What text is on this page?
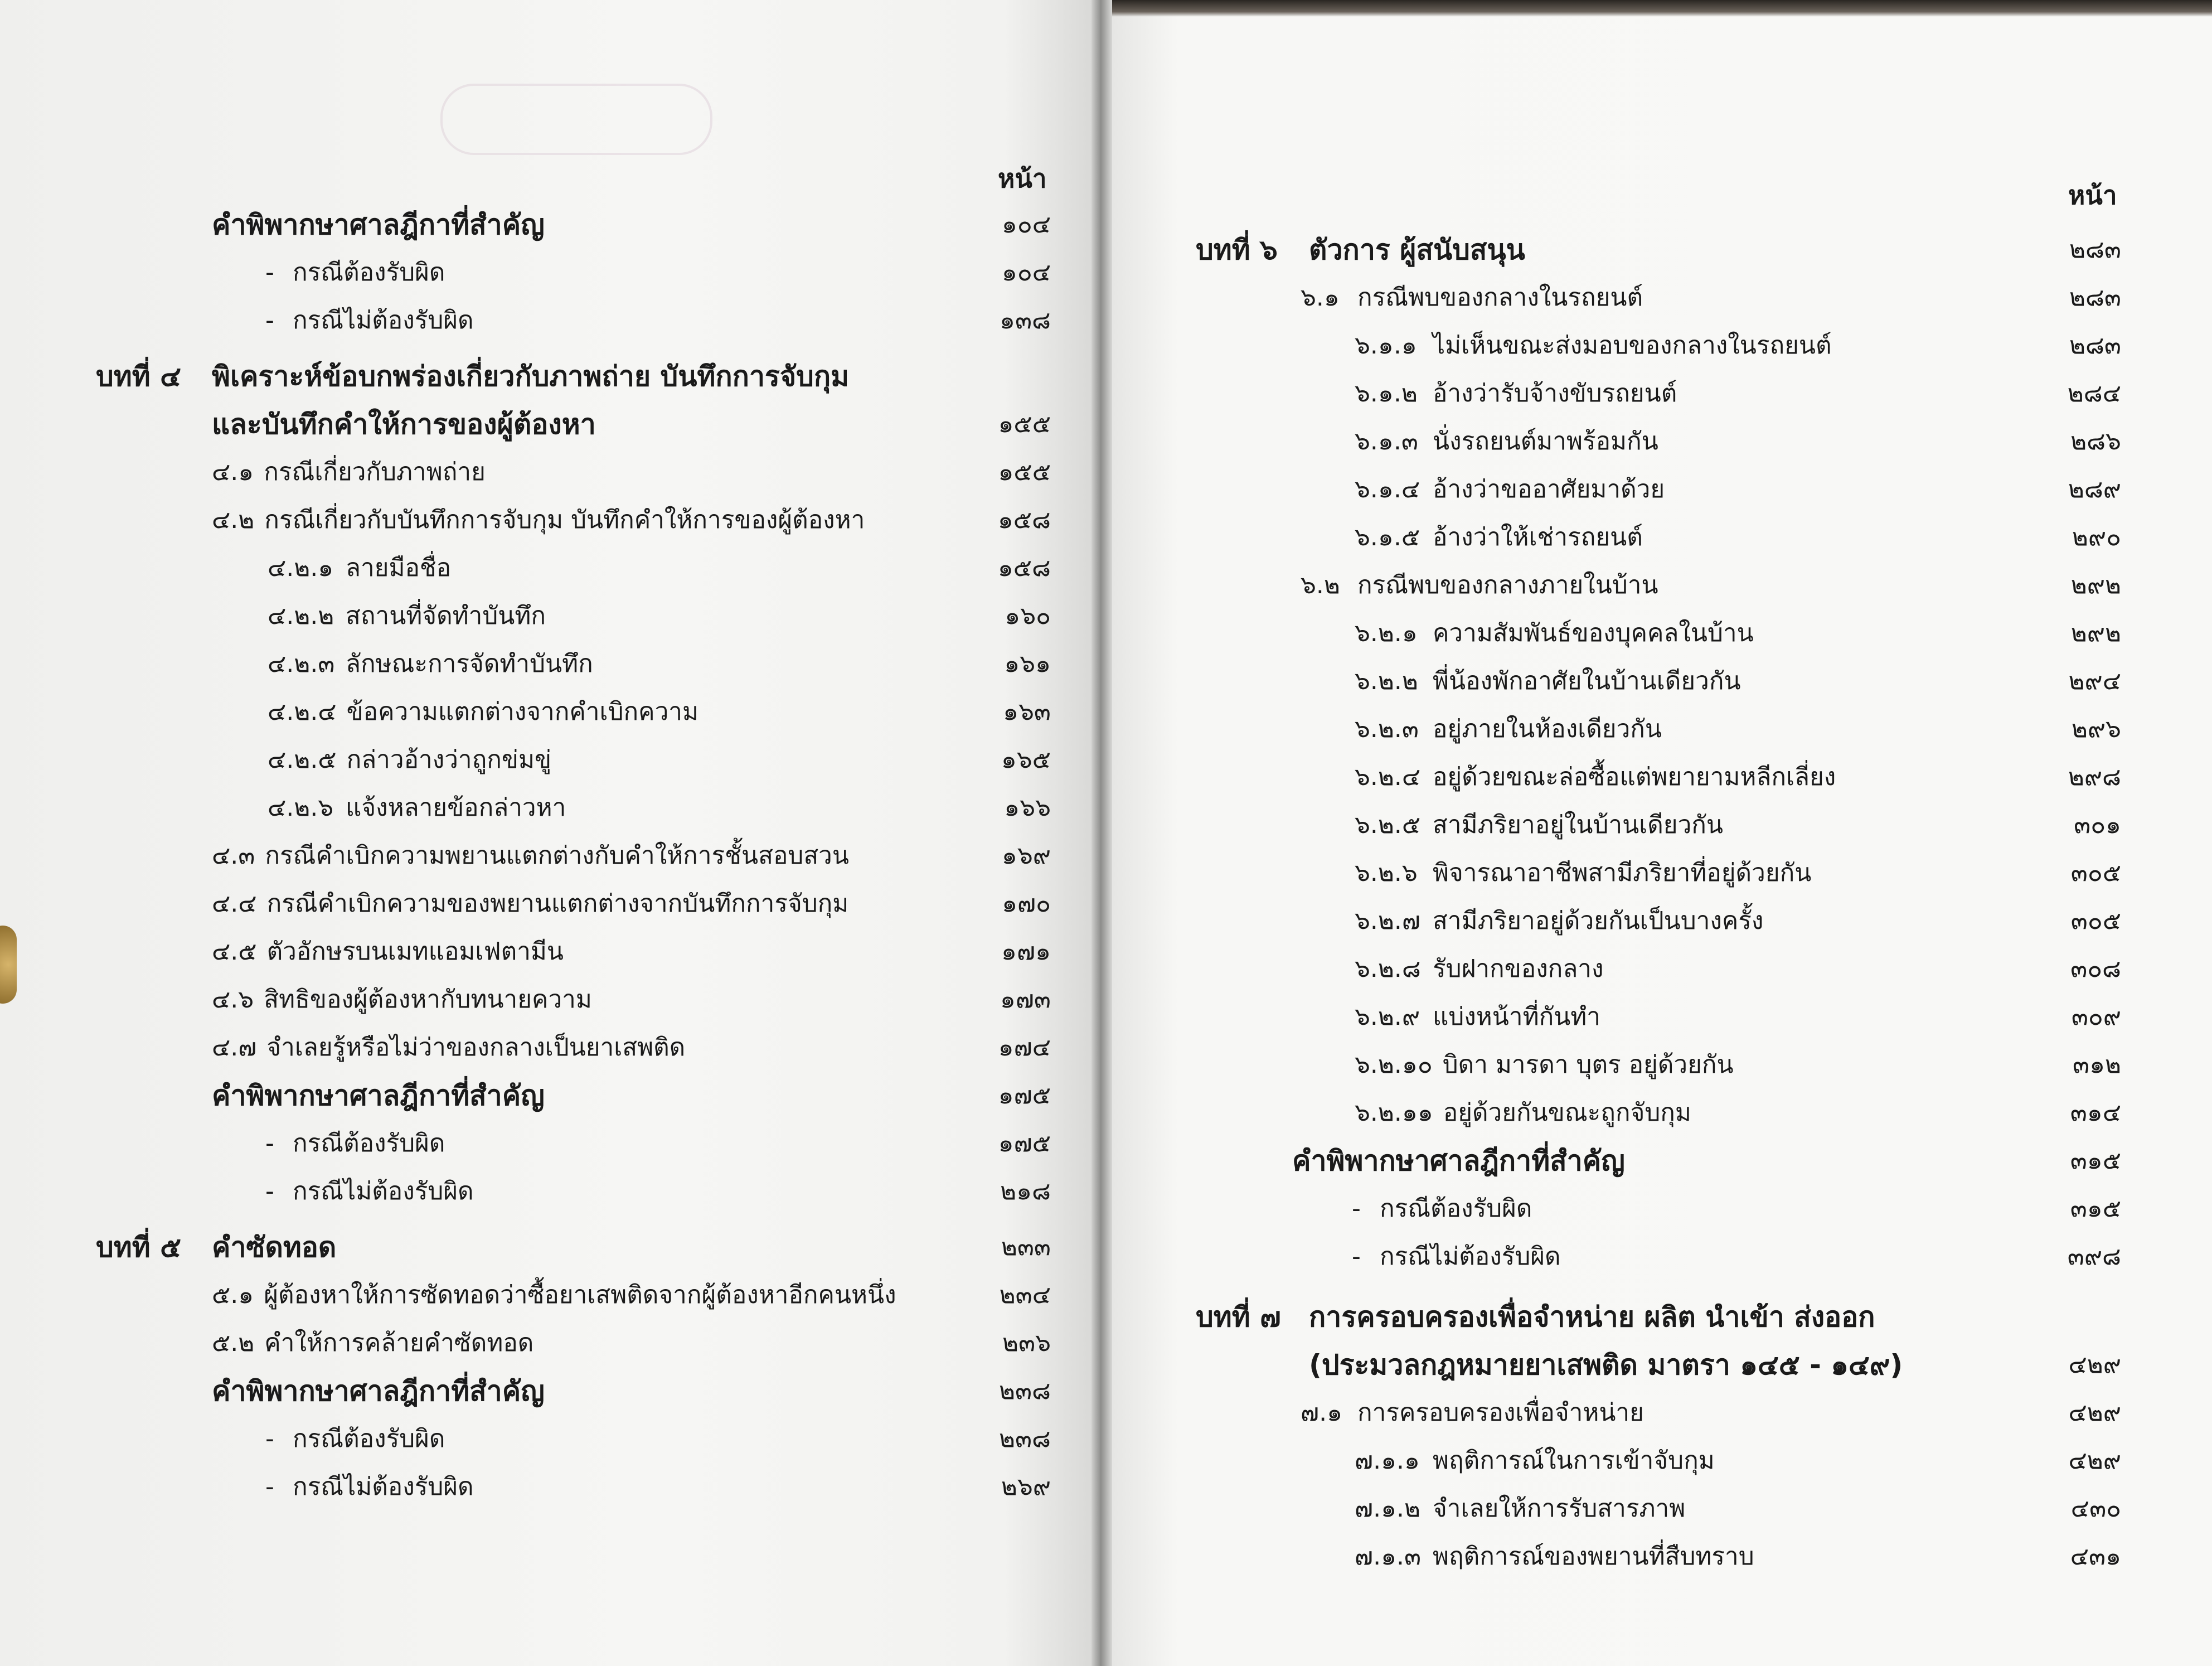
หน้า
คำพิพากษาศาลฎีกาที่สำคัญ	๑๐๔
- กรณีต้องรับผิด	๑๐๔
- กรณีไม่ต้องรับผิด	๑๓๘
บทที่ ๔	พิเคราะห์ข้อบกพร่องเกี่ยวกับภาพถ่าย บันทึกการจับกุม
และบันทึกคำให้การของผู้ต้องหา	๑๕๕
๔.๑ กรณีเกี่ยวกับภาพถ่าย	๑๕๕
๔.๒ กรณีเกี่ยวกับบันทึกการจับกุม บันทึกคำให้การของผู้ต้องหา	๑๕๘
๔.๒.๑ ลายมือชื่อ	๑๕๘
๔.๒.๒ สถานที่จัดทำบันทึก	๑๖๐
๔.๒.๓ ลักษณะการจัดทำบันทึก	๑๖๑
๔.๒.๔ ข้อความแตกต่างจากคำเบิกความ	๑๖๓
๔.๒.๕ กล่าวอ้างว่าถูกข่มขู่	๑๖๕
๔.๒.๖ แจ้งหลายข้อกล่าวหา	๑๖๖
๔.๓ กรณีคำเบิกความพยานแตกต่างกับคำให้การชั้นสอบสวน	๑๖๙
๔.๔ กรณีคำเบิกความของพยานแตกต่างจากบันทึกการจับกุม	๑๗๐
๔.๕ ตัวอักษรบนเมทแอมเฟตามีน	๑๗๑
๔.๖ สิทธิของผู้ต้องหากับทนายความ	๑๗๓
๔.๗ จำเลยรู้หรือไม่ว่าของกลางเป็นยาเสพติด	๑๗๔
คำพิพากษาศาลฎีกาที่สำคัญ	๑๗๕
- กรณีต้องรับผิด	๑๗๕
- กรณีไม่ต้องรับผิด	๒๑๘
บทที่ ๕	คำซัดทอด	๒๓๓
๕.๑ ผู้ต้องหาให้การซัดทอดว่าซื้อยาเสพติดจากผู้ต้องหาอีกคนหนึ่ง	๒๓๔
๕.๒ คำให้การคล้ายคำซัดทอด	๒๓๖
คำพิพากษาศาลฎีกาที่สำคัญ	๒๓๘
- กรณีต้องรับผิด	๒๓๘
- กรณีไม่ต้องรับผิด	๒๖๙
หน้า
บทที่ ๖	ตัวการ ผู้สนับสนุน	๒๘๓
๖.๑ กรณีพบของกลางในรถยนต์	๒๘๓
๖.๑.๑ ไม่เห็นขณะส่งมอบของกลางในรถยนต์	๒๘๓
๖.๑.๒ อ้างว่ารับจ้างขับรถยนต์	๒๘๔
๖.๑.๓ นั่งรถยนต์มาพร้อมกัน	๒๘๖
๖.๑.๔ อ้างว่าขออาศัยมาด้วย	๒๘๙
๖.๑.๕ อ้างว่าให้เช่ารถยนต์	๒๙๐
๖.๒ กรณีพบของกลางภายในบ้าน	๒๙๒
๖.๒.๑ ความสัมพันธ์ของบุคคลในบ้าน	๒๙๒
๖.๒.๒ พี่น้องพักอาศัยในบ้านเดียวกัน	๒๙๔
๖.๒.๓ อยู่ภายในห้องเดียวกัน	๒๙๖
๖.๒.๔ อยู่ด้วยขณะล่อซื้อแต่พยายามหลีกเลี่ยง	๒๙๘
๖.๒.๕ สามีภริยาอยู่ในบ้านเดียวกัน	๓๐๑
๖.๒.๖ พิจารณาอาชีพสามีภริยาที่อยู่ด้วยกัน	๓๐๕
๖.๒.๗ สามีภริยาอยู่ด้วยกันเป็นบางครั้ง	๓๐๕
๖.๒.๘ รับฝากของกลาง	๓๐๘
๖.๒.๙ แบ่งหน้าที่กันทำ	๓๐๙
๖.๒.๑๐ บิดา มารดา บุตร อยู่ด้วยกัน	๓๑๒
๖.๒.๑๑ อยู่ด้วยกันขณะถูกจับกุม	๓๑๔
คำพิพากษาศาลฎีกาที่สำคัญ	๓๑๕
- กรณีต้องรับผิด	๓๑๕
- กรณีไม่ต้องรับผิด	๓๙๘
บทที่ ๗	การครอบครองเพื่อจำหน่าย ผลิต นำเข้า ส่งออก
(ประมวลกฎหมายยาเสพติด มาตรา ๑๔๕ - ๑๔๙)	๔๒๙
๗.๑ การครอบครองเพื่อจำหน่าย	๔๒๙
๗.๑.๑ พฤติการณ์ในการเข้าจับกุม	๔๒๙
๗.๑.๒ จำเลยให้การรับสารภาพ	๔๓๐
๗.๑.๓ พฤติการณ์ของพยานที่สืบทราบ	๔๓๑
